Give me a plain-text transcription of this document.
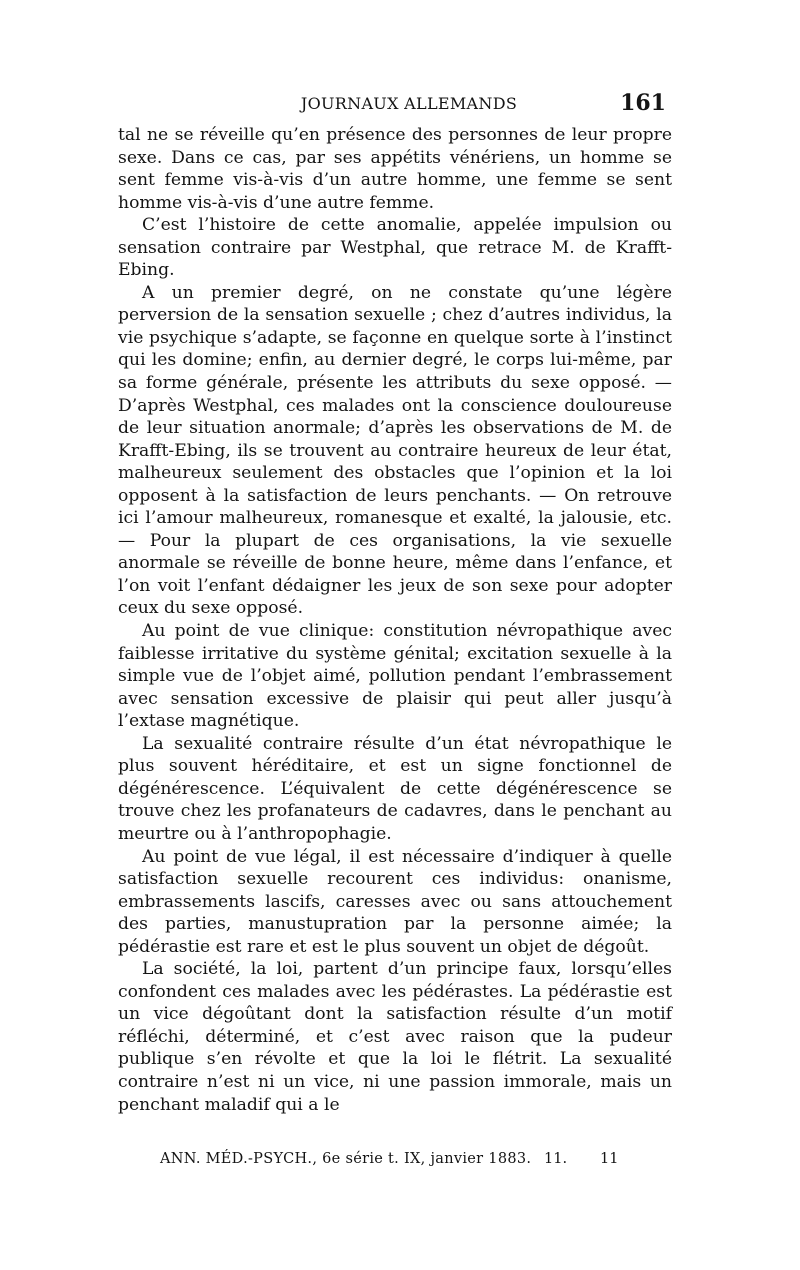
JOURNAUX ALLEMANDS	161

tal ne se réveille qu’en présence des personnes de leur propre sexe. Dans ce cas, par ses appétits vénériens, un homme se sent femme vis-à-vis d’un autre homme, une femme se sent homme vis-à-vis d’une autre femme.

C’est l’histoire de cette anomalie, appelée impulsion ou sensation contraire par Westphal, que retrace M. de Krafft-Ebing.

A un premier degré, on ne constate qu’une légère perversion de la sensation sexuelle ; chez d’autres individus, la vie psychique s’adapte, se façonne en quelque sorte à l’instinct qui les domine; enfin, au dernier degré, le corps lui-même, par sa forme générale, présente les attributs du sexe opposé. — D’après Westphal, ces malades ont la conscience douloureuse de leur situation anormale; d’après les observations de M. de Krafft-Ebing, ils se trouvent au contraire heureux de leur état, malheureux seulement des obstacles que l’opinion et la loi opposent à la satisfaction de leurs penchants. — On retrouve ici l’amour malheureux, romanesque et exalté, la jalousie, etc. — Pour la plupart de ces organisations, la vie sexuelle anormale se réveille de bonne heure, même dans l’enfance, et l’on voit l’enfant dédaigner les jeux de son sexe pour adopter ceux du sexe opposé.

Au point de vue clinique: constitution névropathique avec faiblesse irritative du système génital; excitation sexuelle à la simple vue de l’objet aimé, pollution pendant l’embrassement avec sensation excessive de plaisir qui peut aller jusqu’à l’extase magnétique.

La sexualité contraire résulte d’un état névropathique le plus souvent héréditaire, et est un signe fonctionnel de dégénérescence. L’équivalent de cette dégénérescence se trouve chez les profanateurs de cadavres, dans le penchant au meurtre ou à l’anthropophagie.

Au point de vue légal, il est nécessaire d’indiquer à quelle satisfaction sexuelle recourent ces individus: onanisme, embrassements lascifs, caresses avec ou sans attouchement des parties, manustupration par la personne aimée; la pédérastie est rare et est le plus souvent un objet de dégoût.

La société, la loi, partent d’un principe faux, lorsqu’elles confondent ces malades avec les pédérastes. La pédérastie est un vice dégoûtant dont la satisfaction résulte d’un motif réfléchi, déterminé, et c’est avec raison que la pudeur publique s’en révolte et que la loi le flétrit. La sexualité contraire n’est ni un vice, ni une passion immorale, mais un penchant maladif qui a le

ANN. MÉD.-PSYCH., 6e série t. IX, janvier 1883. 11. 11
